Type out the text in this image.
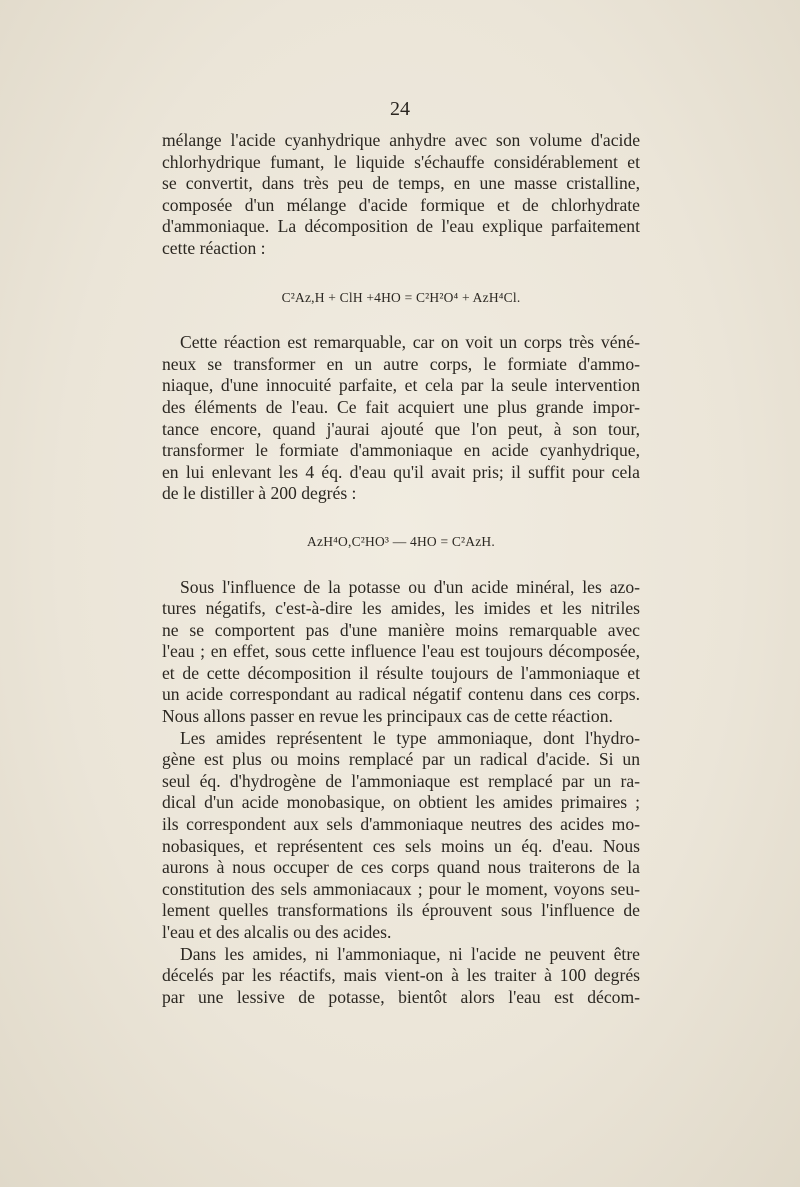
24
mélange l'acide cyanhydrique anhydre avec son volume d'acide
chlorhydrique fumant, le liquide s'échauffe considérablement et
se convertit, dans très peu de temps, en une masse cristalline,
composée d'un mélange d'acide formique et de chlorhydrate
d'ammoniaque. La décomposition de l'eau explique parfaitement
cette réaction :
C²Az,H + ClH +4HO = C²H²O⁴ + AzH⁴Cl.
Cette réaction est remarquable, car on voit un corps très véné-
neux se transformer en un autre corps, le formiate d'ammo-
niaque, d'une innocuité parfaite, et cela par la seule intervention
des éléments de l'eau. Ce fait acquiert une plus grande impor-
tance encore, quand j'aurai ajouté que l'on peut, à son tour,
transformer le formiate d'ammoniaque en acide cyanhydrique,
en lui enlevant les 4 éq. d'eau qu'il avait pris; il suffit pour cela
de le distiller à 200 degrés :
AzH⁴O,C²HO³ — 4HO = C²AzH.
Sous l'influence de la potasse ou d'un acide minéral, les azo-
tures négatifs, c'est-à-dire les amides, les imides et les nitriles
ne se comportent pas d'une manière moins remarquable avec
l'eau ; en effet, sous cette influence l'eau est toujours décomposée,
et de cette décomposition il résulte toujours de l'ammoniaque et
un acide correspondant au radical négatif contenu dans ces corps.
Nous allons passer en revue les principaux cas de cette réaction.
Les amides représentent le type ammoniaque, dont l'hydro-
gène est plus ou moins remplacé par un radical d'acide. Si un
seul éq. d'hydrogène de l'ammoniaque est remplacé par un ra-
dical d'un acide monobasique, on obtient les amides primaires ;
ils correspondent aux sels d'ammoniaque neutres des acides mo-
nobasiques, et représentent ces sels moins un éq. d'eau. Nous
aurons à nous occuper de ces corps quand nous traiterons de la
constitution des sels ammoniacaux ; pour le moment, voyons seu-
lement quelles transformations ils éprouvent sous l'influence de
l'eau et des alcalis ou des acides.
Dans les amides, ni l'ammoniaque, ni l'acide ne peuvent être
décelés par les réactifs, mais vient-on à les traiter à 100 degrés
par une lessive de potasse, bientôt alors l'eau est décom-
